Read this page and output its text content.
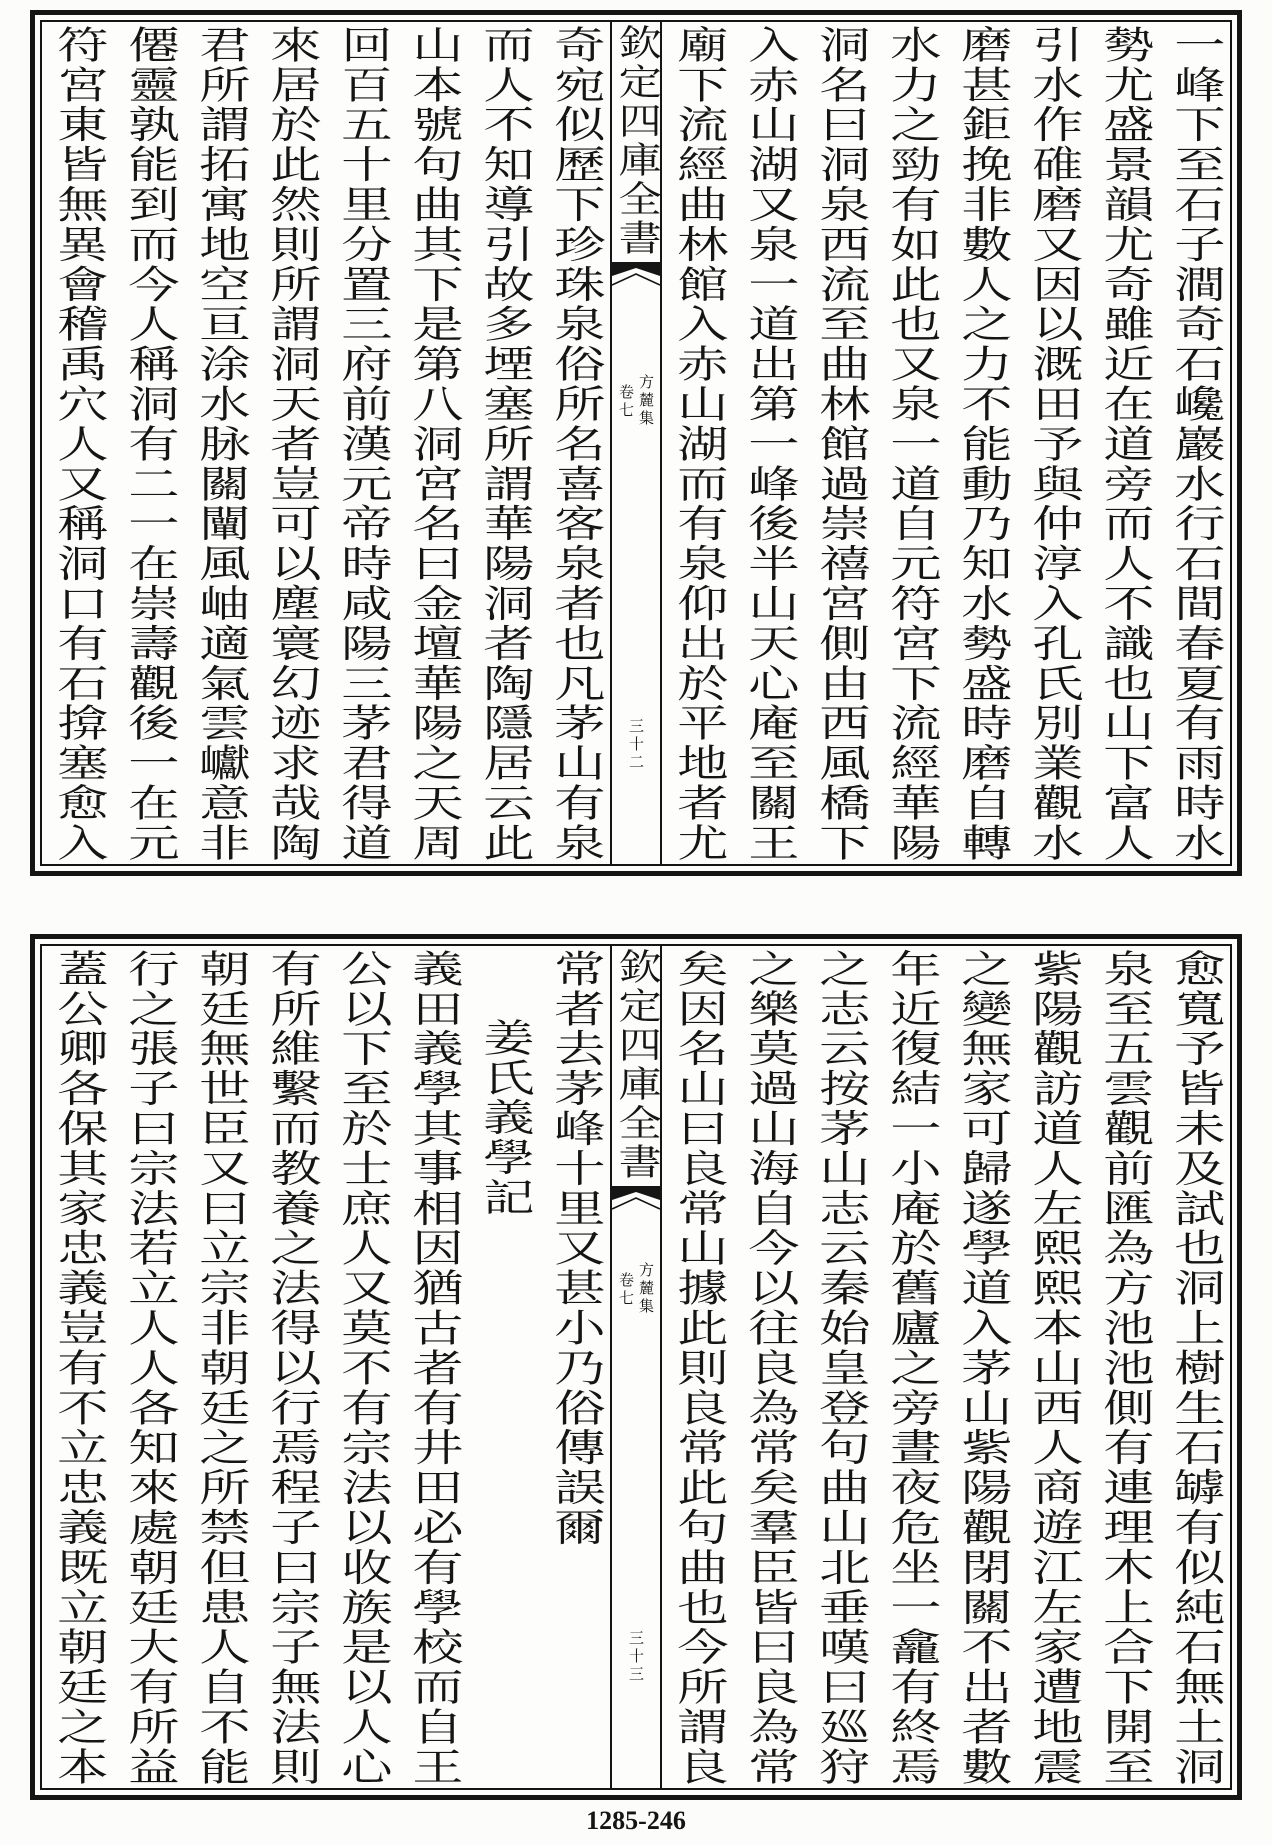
一峰下至石子澗奇石巉巖水行石間春夏有雨時水
勢尤盛景韻尤奇雖近在道旁而人不識也山下富人
引水作碓磨又因以溉田予與仲淳入孔氏別業觀水
磨甚鉅挽非數人之力不能動乃知水勢盛時磨自轉
水力之勁有如此也又泉一道自元符宮下流經華陽
洞名曰洞泉西流至曲林館過崇禧宮側由西風橋下
入赤山湖又泉一道出第一峰後半山天心庵至關王
廟下流經曲林館入赤山湖而有泉仰出於平地者尤
欽定四庫全書
方麓集
卷七
三十二
奇宛似歷下珍珠泉俗所名喜客泉者也凡茅山有泉
而人不知導引故多堙塞所謂華陽洞者陶隱居云此
山本號句曲其下是第八洞宮名曰金壇華陽之天周
回百五十里分置三府前漢元帝時咸陽三茅君得道
來居於此然則所謂洞天者豈可以塵寰幻迹求哉陶
君所謂拓寓地空亘涂水脉關闡風岫適氣雲巘意非
僊靈孰能到而今人稱洞有二一在崇壽觀後一在元
符宮東皆無異會稽禹穴人又稱洞口有石揜塞愈入
愈寬予皆未及試也洞上樹生石罅有似純石無土洞
泉至五雲觀前匯為方池池側有連理木上合下開至
紫陽觀訪道人左熙熙本山西人商遊江左家遭地震
之變無家可歸遂學道入茅山紫陽觀閉關不出者數
年近復結一小庵於舊廬之旁晝夜危坐一龕有終焉
之志云按茅山志云秦始皇登句曲山北垂嘆曰廵狩
之樂莫過山海自今以往良為常矣羣臣皆曰良為常
矣因名山曰良常山據此則良常此句曲也今所謂良
欽定四庫全書
方麓集
卷七
三十三
常者去茅峰十里又甚小乃俗傳誤爾
姜氏義學記
義田義學其事相因猶古者有井田必有學校而自王
公以下至於士庶人又莫不有宗法以收族是以人心
有所維繫而教養之法得以行焉程子曰宗子無法則
朝廷無世臣又曰立宗非朝廷之所禁但患人自不能
行之張子曰宗法若立人人各知來處朝廷大有所益
蓋公卿各保其家忠義豈有不立忠義既立朝廷之本
1285-246
